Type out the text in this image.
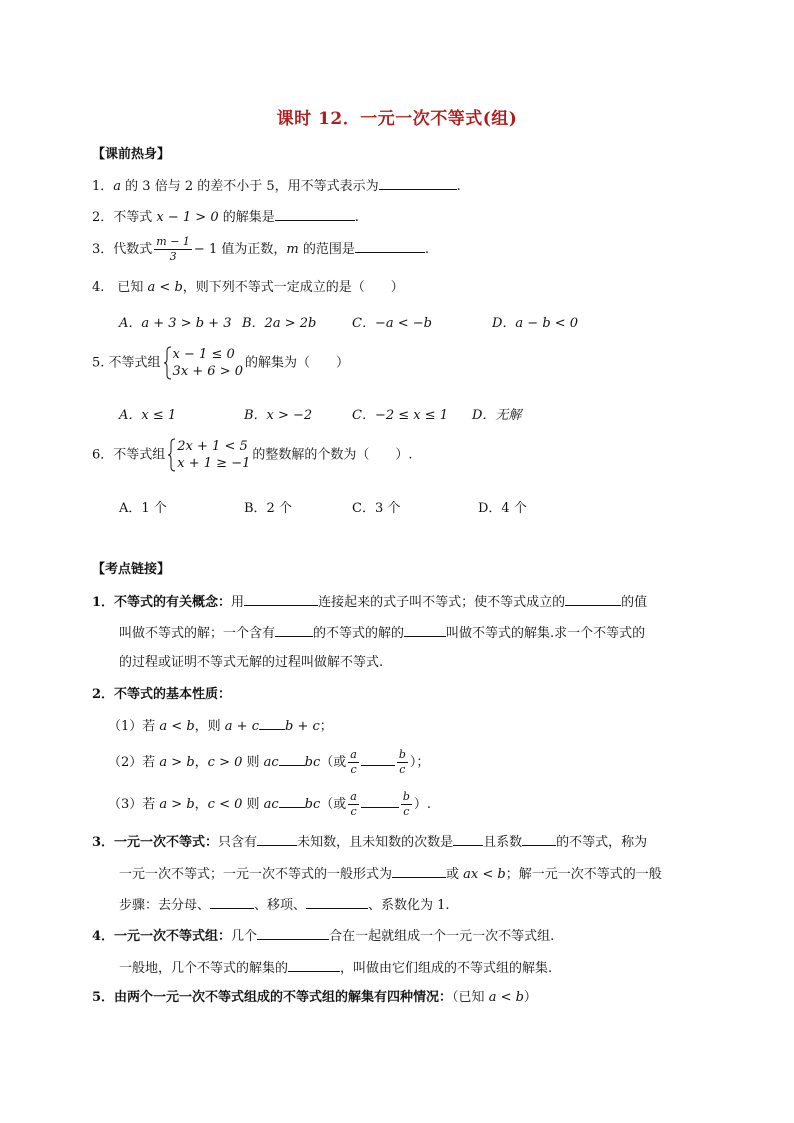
课时 12．一元一次不等式(组)
【课前热身】
1．a 的 3 倍与 2 的差不小于 5，用不等式表示为	.
2．不等式 x − 1 > 0 的解集是	.
3．代数式 $\frac{m - 1}{3} - 1$ 值为正数，m 的范围是	.
4.　已知 a < b，则下列不等式一定成立的是（　　）
A．a + 3 > b + 3 B．2a > 2b	C．−a < −b	D．a − b < 0
5. 不等式组
x − 1 ≤ 0
3x + 6 > 0
的解集为（　　）
A．x ≤ 1	B．x > −2	C．−2 ≤ x ≤ 1 D．无解
6．不等式组
2x + 1 < 5
x + 1 ≥ −1
的整数解的个数为（　　）.
A．1 个	B．2 个	C．3 个	D．4 个
【考点链接】
1．不等式的有关概念：用	连接起来的式子叫不等式；使不等式成立的	的值
叫做不等式的解；一个含有	的不等式的解的	叫做不等式的解集.求一个不等式的
的过程或证明不等式无解的过程叫做解不等式.
2．不等式的基本性质：
（1）若 a < b，则 a + c b + c；
（2）若 a > b，c > 0 则 ac bc（或 $\frac{a}{c}$	$\frac{b}{c}$ ）；
（3）若 a > b，c < 0 则 ac bc（或 $\frac{a}{c}$	$\frac{b}{c}$ ）.
3．一元一次不等式：只含有	未知数，且未知数的次数是 且系数	的不等式，称为
一元一次不等式；一元一次不等式的一般形式为	或 ax < b；解一元一次不等式的一般
步骤：去分母、	、移项、	、系数化为 1.
4．一元一次不等式组：几个	合在一起就组成一个一元一次不等式组.
一般地，几个不等式的解集的	，叫做由它们组成的不等式组的解集.
5．由两个一元一次不等式组成的不等式组的解集有四种情况：（已知 a < b）
